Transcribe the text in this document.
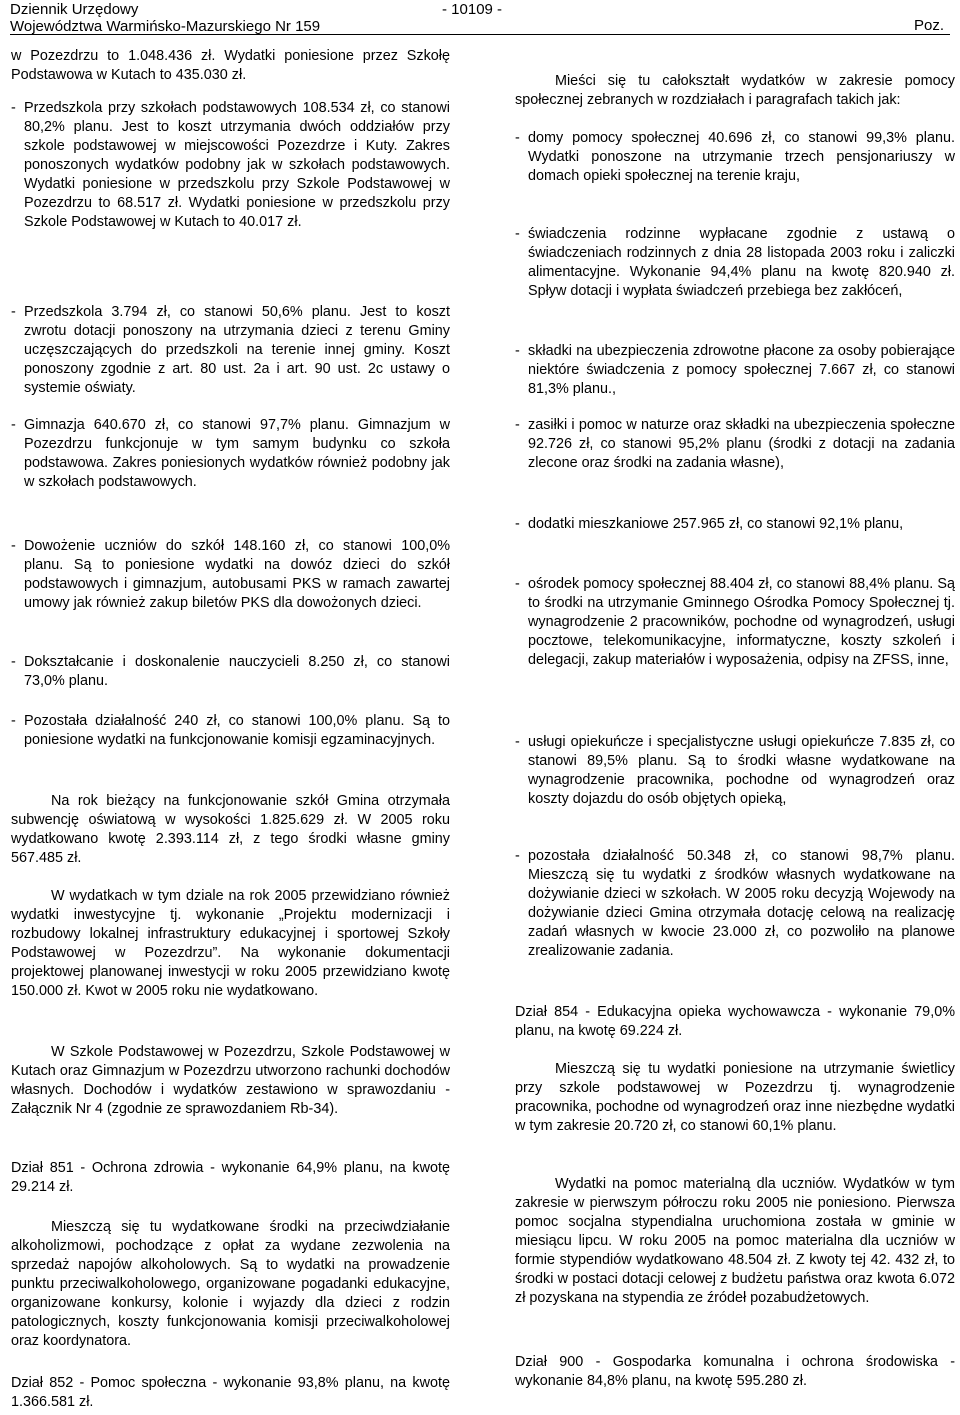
Dziennik Urzędowy
Województwa Warmińsko-Mazurskiego Nr 159
- 10109 -
Poz.

w Pozezdrzu to 1.048.436 zł. Wydatki poniesione przez Szkołę Podstawowa w Kutach to 435.030 zł.

- Przedszkola przy szkołach podstawowych 108.534 zł, co stanowi 80,2% planu. Jest to koszt utrzymania dwóch oddziałów przy szkole podstawowej w miejscowości Pozezdrze i Kuty. Zakres ponoszonych wydatków podobny jak w szkołach podstawowych. Wydatki poniesione w przedszkolu przy Szkole Podstawowej w Pozezdrzu to 68.517 zł. Wydatki poniesione w przedszkolu przy Szkole Podstawowej w Kutach to 40.017 zł.

- Przedszkola 3.794 zł, co stanowi 50,6% planu. Jest to koszt zwrotu dotacji ponoszony na utrzymania dzieci z terenu Gminy uczęszczających do przedszkoli na terenie innej gminy. Koszt ponoszony zgodnie z art. 80 ust. 2a i art. 90 ust. 2c ustawy o systemie oświaty.

- Gimnazja 640.670 zł, co stanowi 97,7% planu. Gimnazjum w Pozezdrzu funkcjonuje w tym samym budynku co szkoła podstawowa. Zakres poniesionych wydatków również podobny jak w szkołach podstawowych.

- Dowożenie uczniów do szkół 148.160 zł, co stanowi 100,0% planu. Są to poniesione wydatki na dowóz dzieci do szkół podstawowych i gimnazjum, autobusami PKS w ramach zawartej umowy jak również zakup biletów PKS dla dowożonych dzieci.

- Dokształcanie i doskonalenie nauczycieli 8.250 zł, co stanowi 73,0% planu.

- Pozostała działalność 240 zł, co stanowi 100,0% planu. Są to poniesione wydatki na funkcjonowanie komisji egzaminacyjnych.

Na rok bieżący na funkcjonowanie szkół Gmina otrzymała subwencję oświatową w wysokości 1.825.629 zł. W 2005 roku wydatkowano kwotę 2.393.114 zł, z tego środki własne gminy 567.485 zł.

W wydatkach w tym dziale na rok 2005 przewidziano również wydatki inwestycyjne tj. wykonanie „Projektu modernizacji i rozbudowy lokalnej infrastruktury edukacyjnej i sportowej Szkoły Podstawowej w Pozezdrzu”. Na wykonanie dokumentacji projektowej planowanej inwestycji w roku 2005 przewidziano kwotę 150.000 zł. Kwot w 2005 roku nie wydatkowano.

W Szkole Podstawowej w Pozezdrzu, Szkole Podstawowej w Kutach oraz Gimnazjum w Pozezdrzu utworzono rachunki dochodów własnych. Dochodów i wydatków zestawiono w sprawozdaniu - Załącznik Nr 4 (zgodnie ze sprawozdaniem Rb-34).

Dział 851 - Ochrona zdrowia - wykonanie 64,9% planu, na kwotę 29.214 zł.

Mieszczą się tu wydatkowane środki na przeciwdziałanie alkoholizmowi, pochodzące z opłat za wydane zezwolenia na sprzedaż napojów alkoholowych. Są to wydatki na prowadzenie punktu przeciwalkoholowego, organizowane pogadanki edukacyjne, organizowane konkursy, kolonie i wyjazdy dla dzieci z rodzin patologicznych, koszty funkcjonowania komisji przeciwalkoholowej oraz koordynatora.

Dział 852 - Pomoc społeczna - wykonanie 93,8% planu, na kwotę 1.366.581 zł.

Mieści się tu całokształt wydatków w zakresie pomocy społecznej zebranych w rozdziałach i paragrafach takich jak:

- domy pomocy społecznej 40.696 zł, co stanowi 99,3% planu. Wydatki ponoszone na utrzymanie trzech pensjonariuszy w domach opieki społecznej na terenie kraju,

- świadczenia rodzinne wypłacane zgodnie z ustawą o świadczeniach rodzinnych z dnia 28 listopada 2003 roku i zaliczki alimentacyjne. Wykonanie 94,4% planu na kwotę 820.940 zł. Spływ dotacji i wypłata świadczeń przebiega bez zakłóceń,

- składki na ubezpieczenia zdrowotne płacone za osoby pobierające niektóre świadczenia z pomocy społecznej 7.667 zł, co stanowi 81,3% planu.,

- zasiłki i pomoc w naturze oraz składki na ubezpieczenia społeczne 92.726 zł, co stanowi 95,2% planu (środki z dotacji na zadania zlecone oraz środki na zadania własne),

- dodatki mieszkaniowe 257.965 zł, co stanowi 92,1% planu,

- ośrodek pomocy społecznej 88.404 zł, co stanowi 88,4% planu. Są to środki na utrzymanie Gminnego Ośrodka Pomocy Społecznej tj. wynagrodzenie 2 pracowników, pochodne od wynagrodzeń, usługi pocztowe, telekomunikacyjne, informatyczne, koszty szkoleń i delegacji, zakup materiałów i wyposażenia, odpisy na ZFSS, inne,

- usługi opiekuńcze i specjalistyczne usługi opiekuńcze 7.835 zł, co stanowi 89,5% planu. Są to środki własne wydatkowane na wynagrodzenie pracownika, pochodne od wynagrodzeń oraz koszty dojazdu do osób objętych opieką,

- pozostała działalność 50.348 zł, co stanowi 98,7% planu. Mieszczą się tu wydatki z środków własnych wydatkowane na dożywianie dzieci w szkołach. W 2005 roku decyzją Wojewody na dożywianie dzieci Gmina otrzymała dotację celową na realizację zadań własnych w kwocie 23.000 zł, co pozwoliło na planowe zrealizowanie zadania.

Dział 854 - Edukacyjna opieka wychowawcza - wykonanie 79,0% planu, na kwotę 69.224 zł.

Mieszczą się tu wydatki poniesione na utrzymanie świetlicy przy szkole podstawowej w Pozezdrzu tj. wynagrodzenie pracownika, pochodne od wynagrodzeń oraz inne niezbędne wydatki w tym zakresie 20.720 zł, co stanowi 60,1% planu.

Wydatki na pomoc materialną dla uczniów. Wydatków w tym zakresie w pierwszym półroczu roku 2005 nie poniesiono. Pierwsza pomoc socjalna stypendialna uruchomiona została w gminie w miesiącu lipcu. W roku 2005 na pomoc materialna dla uczniów w formie stypendiów wydatkowano 48.504 zł. Z kwoty tej 42. 432 zł, to środki w postaci dotacji celowej z budżetu państwa oraz kwota 6.072 zł pozyskana na stypendia ze źródeł pozabudżetowych.

Dział 900 - Gospodarka komunalna i ochrona środowiska - wykonanie 84,8% planu, na kwotę 595.280 zł.
